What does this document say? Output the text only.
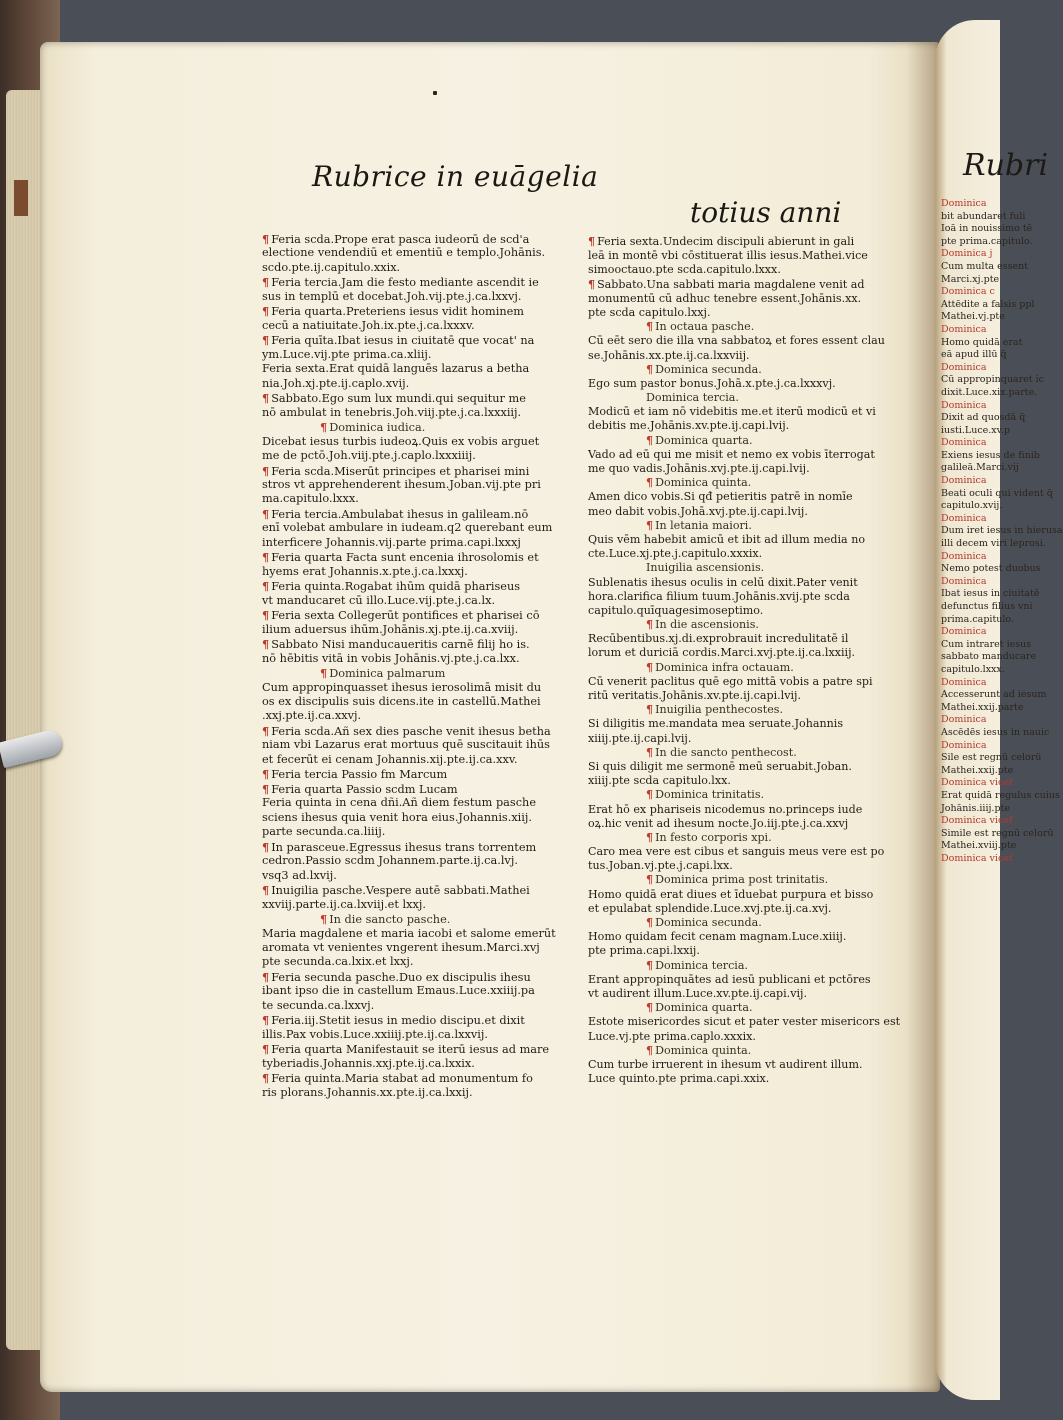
Rubri
Dominica
bit abundaret fuli
Ioā in nouissimo tē
pte prima.capitulo.
Dominica j
Cum multa essent
Marci.xj.pte
Dominica c
Attēdite a falsis ppl
Mathei.vj.pte
Dominica
Homo quidā erat
eā apud illū q̄
Dominica
Cū appropinquaret ic
dixit.Luce.xix.parte.
Dominica
Dixit ad quosdā q̄
iusti.Luce.xv.p
Dominica
Exiens iesus de finib
galileā.Marci.vij
Dominica
Beati oculi qui vident q̄
capitulo.xvij.
Dominica
Dum iret iesus in hierusa
illi decem viri leprosi.
Dominica
Nemo potest duobus
Dominica
Ibat iesus in ciuitatē
defunctus filius vni
prima.capitulo.
Dominica
Cum intraret iesus
sabbato manducare
capitulo.lxxx.
Dominica
Accesserunt ad iesum
Mathei.xxij.parte
Dominica
Ascēdēs iesus in nauic
Dominica
Sile est regnū celorū
Mathei.xxij.pte
Dominica vicef
Erat quidā regulus cuius
Johānis.iiij.pte
Dominica vicef
Simile est regnū celorū
Mathei.xviij.pte
Dominica vicef
Rubrice in euāgelia
totius anni
¶ Feria scda.Prope erat pasca iudeorū de scd'a
electione vendendiū et ementiū e templo.Johānis.
scdo.pte.ij.capitulo.xxix.
¶ Feria tercia.Jam die festo mediante ascendit ie
sus in templū et docebat.Joh.vij.pte.j.ca.lxxvj.
¶ Feria quarta.Preteriens iesus vidit hominem
cecū a natiuitate.Joh.ix.pte.j.ca.lxxxv.
¶ Feria quīta.Ibat iesus in ciuitatē que vocat' na
ym.Luce.vij.pte prima.ca.xliij.
Feria sexta.Erat quidā languēs lazarus a betha
nia.Joh.xj.pte.ij.caplo.xvij.
¶ Sabbato.Ego sum lux mundi.qui sequitur me
nō ambulat in tenebris.Joh.viij.pte.j.ca.lxxxiij.
¶ Dominica iudica.
Dicebat iesus turbis iudeoꝝ.Quis ex vobis arguet
me de pctō.Joh.viij.pte.j.caplo.lxxxiiij.
¶ Feria scda.Miserūt principes et pharisei mini
stros vt apprehenderent ihesum.Joban.vij.pte pri
ma.capitulo.lxxx.
¶ Feria tercia.Ambulabat ihesus in galileam.nō
enī volebat ambulare in iudeam.q2 querebant eum
interficere Johannis.vij.parte prima.capi.lxxxj
¶ Feria quarta Facta sunt encenia ihrosolomis et
hyems erat Johannis.x.pte.j.ca.lxxxj.
¶ Feria quinta.Rogabat ihūm quidā phariseus
vt manducaret cū illo.Luce.vij.pte.j.ca.lx.
¶ Feria sexta Collegerūt pontifices et pharisei cō
ilium aduersus ihūm.Johānis.xj.pte.ij.ca.xviij.
¶ Sabbato Nisi manducaueritis carnē filij ho is.
nō hēbitis vitā in vobis Johānis.vj.pte.j.ca.lxx.
¶ Dominica palmarum
Cum appropinquasset ihesus ierosolimā misit du
os ex discipulis suis dicens.ite in castellū.Mathei
.xxj.pte.ij.ca.xxvj.
¶ Feria scda.Añ sex dies pasche venit ihesus betha
niam vbi Lazarus erat mortuus quē suscitauit ihūs
et fecerūt ei cenam Johannis.xij.pte.ij.ca.xxv.
¶ Feria tercia Passio fm Marcum
¶ Feria quarta Passio scdm Lucam
Feria quinta in cena dñi.Añ diem festum pasche
sciens ihesus quia venit hora eius.Johannis.xiij.
parte secunda.ca.liiij.
¶ In parasceue.Egressus ihesus trans torrentem
cedron.Passio scdm Johannem.parte.ij.ca.lvj.
vsq3 ad.lxvij.
¶ Inuigilia pasche.Vespere autē sabbati.Mathei
xxviij.parte.ij.ca.lxviij.et lxxj.
¶ In die sancto pasche.
Maria magdalene et maria iacobi et salome emerūt
aromata vt venientes vngerent ihesum.Marci.xvj
pte secunda.ca.lxix.et lxxj.
¶ Feria secunda pasche.Duo ex discipulis ihesu
ibant ipso die in castellum Emaus.Luce.xxiiij.pa
te secunda.ca.lxxvj.
¶ Feria.iij.Stetit iesus in medio discipu.et dixit
illis.Pax vobis.Luce.xxiiij.pte.ij.ca.lxxvij.
¶ Feria quarta Manifestauit se iterū iesus ad mare
tyberiadis.Johannis.xxj.pte.ij.ca.lxxix.
¶ Feria quinta.Maria stabat ad monumentum fo
ris plorans.Johannis.xx.pte.ij.ca.lxxij.
¶ Feria sexta.Undecim discipuli abierunt in gali
leā in montē vbi cōstituerat illis iesus.Mathei.vice
simooctauo.pte scda.capitulo.lxxx.
¶ Sabbato.Una sabbati maria magdalene venit ad
monumentū cū adhuc tenebre essent.Johānis.xx.
pte scda capitulo.lxxj.
¶ In octaua pasche.
Cū eēt sero die illa vna sabbatoꝝ et fores essent clau
se.Johānis.xx.pte.ij.ca.lxxviij.
¶ Dominica secunda.
Ego sum pastor bonus.Johā.x.pte.j.ca.lxxxvj.
Dominica tercia.
Modicū et iam nō videbitis me.et iterū modicū et vi
debitis me.Johānis.xv.pte.ij.capi.lvij.
¶ Dominica quarta.
Vado ad eū qui me misit et nemo ex vobis īterrogat
me quo vadis.Johānis.xvj.pte.ij.capi.lvij.
¶ Dominica quinta.
Amen dico vobis.Si qđ petieritis patrē in nomīe
meo dabit vobis.Johā.xvj.pte.ij.capi.lvij.
¶ In letania maiori.
Quis vēm habebit amicū et ibit ad illum media no
cte.Luce.xj.pte.j.capitulo.xxxix.
Inuigilia ascensionis.
Sublenatis ihesus oculis in celū dixit.Pater venit
hora.clarifica filium tuum.Johānis.xvij.pte scda
capitulo.quīquagesimoseptimo.
¶ In die ascensionis.
Recūbentibus.xj.di.exprobrauit incredulitatē il
lorum et duriciā cordis.Marci.xvj.pte.ij.ca.lxxiij.
¶ Dominica infra octauam.
Cū venerit paclitus quē ego mittā vobis a patre spi
ritū veritatis.Johānis.xv.pte.ij.capi.lvij.
¶ Inuigilia penthecostes.
Si diligitis me.mandata mea seruate.Johannis
xiiij.pte.ij.capi.lvij.
¶ In die sancto penthecost.
Si quis diligit me sermonē meū seruabit.Joban.
xiiij.pte scda capitulo.lxx.
¶ Dominica trinitatis.
Erat hō ex phariseis nicodemus no.princeps iude
oꝝ.hic venit ad ihesum nocte.Jo.iij.pte.j.ca.xxvj
¶ In festo corporis xpi.
Caro mea vere est cibus et sanguis meus vere est po
tus.Joban.vj.pte.j.capi.lxx.
¶ Dominica prima post trinitatis.
Homo quidā erat diues et īduebat purpura et bisso
et epulabat splendide.Luce.xvj.pte.ij.ca.xvj.
¶ Dominica secunda.
Homo quidam fecit cenam magnam.Luce.xiiij.
pte prima.capi.lxxij.
¶ Dominica tercia.
Erant appropinquātes ad iesū publicani et pctōres
vt audirent illum.Luce.xv.pte.ij.capi.vij.
¶ Dominica quarta.
Estote misericordes sicut et pater vester misericors est
Luce.vj.pte prima.caplo.xxxix.
¶ Dominica quinta.
Cum turbe irruerent in ihesum vt audirent illum.
Luce quinto.pte prima.capi.xxix.
